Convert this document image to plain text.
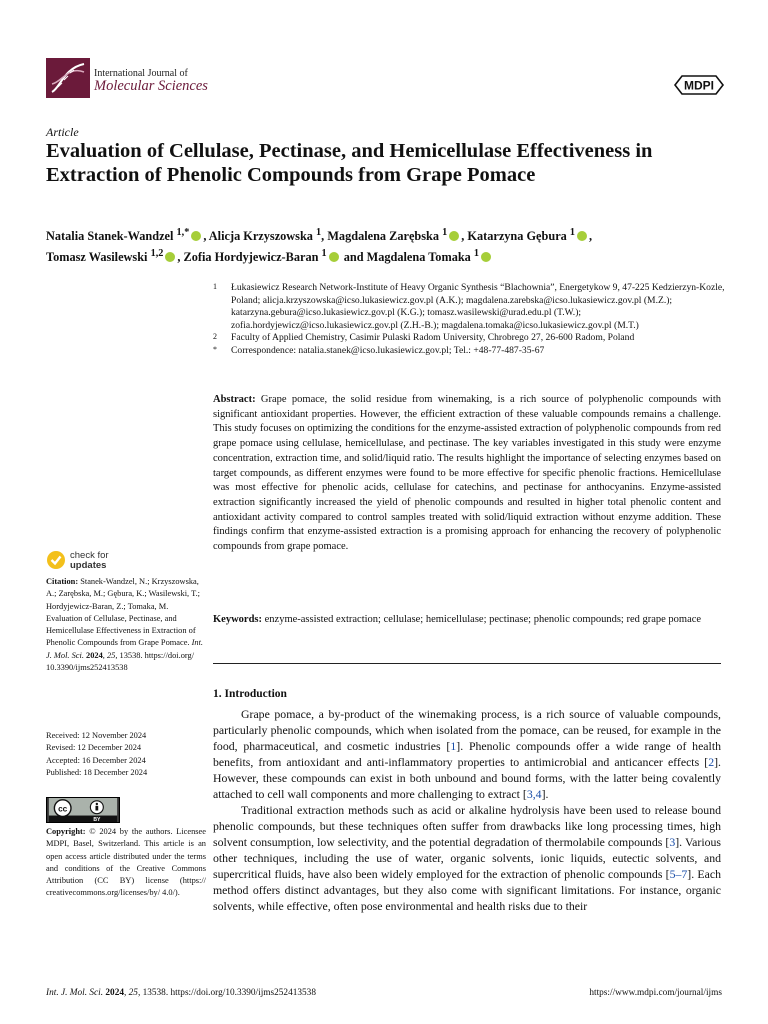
International Journal of
Molecular Sciences	MDPI
Article
Evaluation of Cellulase, Pectinase, and Hemicellulase Effectiveness in Extraction of Phenolic Compounds from Grape Pomace
Natalia Stanek-Wandzel $^{1,*}$ , Alicja Krzyszowska $^1$, Magdalena Zarębska $^1$ , Katarzyna Gębura $^1$ ,
Tomasz Wasilewski $^{1,2}$ , Zofia Hordyjewicz-Baran $^1$ and Magdalena Tomaka $^1$
1 Łukasiewicz Research Network-Institute of Heavy Organic Synthesis “Blachownia”, Energetykow 9, 47-225 Kedzierzyn-Kozle, Poland; alicja.krzyszowska@icso.lukasiewicz.gov.pl (A.K.); magdalena.zarebska@icso.lukasiewicz.gov.pl (M.Z.); katarzyna.gebura@icso.lukasiewicz.gov.pl (K.G.); tomasz.wasilewski@urad.edu.pl (T.W.); zofia.hordyjewicz@icso.lukasiewicz.gov.pl (Z.H.-B.); magdalena.tomaka@icso.lukasiewicz.gov.pl (M.T.)
2 Faculty of Applied Chemistry, Casimir Pulaski Radom University, Chrobrego 27, 26-600 Radom, Poland
* Correspondence: natalia.stanek@icso.lukasiewicz.gov.pl; Tel.: +48-77-487-35-67
Abstract: Grape pomace, the solid residue from winemaking, is a rich source of polyphenolic compounds with significant antioxidant properties. However, the efficient extraction of these valuable compounds remains a challenge. This study focuses on optimizing the conditions for the enzyme-assisted extraction of polyphenolic compounds from red grape pomace using cellulase, hemicellulase, and pectinase. The key variables investigated in this study were enzyme concentration, extraction time, and solid/liquid ratio. The results highlight the importance of selecting enzymes based on target compounds, as different enzymes were found to be more effective for specific phenolic fractions. Hemicellulase was most effective for phenolic acids, cellulase for catechins, and pectinase for anthocyanins. Enzyme-assisted extraction significantly increased the yield of phenolic compounds and resulted in higher total phenolic content and antioxidant activity compared to control samples treated with solid/liquid extraction without enzyme addition. These findings confirm that enzyme-assisted extraction is a promising approach for enhancing the recovery of polyphenolic compounds from grape pomace.
Keywords: enzyme-assisted extraction; cellulase; hemicellulase; pectinase; phenolic compounds; red grape pomace
1. Introduction

Grape pomace, a by-product of the winemaking process, is a rich source of valuable compounds, particularly phenolic compounds, which when isolated from the pomace, can be reused, for example in the food, pharmaceutical, and cosmetic industries [1]. Phenolic compounds offer a wide range of health benefits, from antioxidant and anti-inflammatory properties to antimicrobial and anticancer effects [2]. However, these compounds can exist in both unbound and bound forms, with the latter being covalently attached to cell wall components and more challenging to extract [3,4].

Traditional extraction methods such as acid or alkaline hydrolysis have been used to release bound phenolic compounds, but these techniques often suffer from drawbacks like long processing times, high solvent consumption, low selectivity, and the potential degradation of thermolabile compounds [3]. Various other techniques, including the use of water, organic solvents, ionic liquids, eutectic solvents, and supercritical fluids, have also been widely employed for the extraction of phenolic compounds [5–7]. Each method offers distinct advantages, but they also come with significant limitations. For instance, organic solvents, while effective, often pose environmental and health risks due to their

check for
updates
Citation: Stanek-Wandzel, N.; Krzyszowska, A.; Zarębska, M.; Gębura, K.; Wasilewski, T.; Hordyjewicz-Baran, Z.; Tomaka, M. Evaluation of Cellulase, Pectinase, and Hemicellulase Effectiveness in Extraction of Phenolic Compounds from Grape Pomace. Int. J. Mol. Sci. 2024, 25, 13538. https://doi.org/ 10.3390/ijms252413538
Received: 12 November 2024
Revised: 12 December 2024
Accepted: 16 December 2024
Published: 18 December 2024
cc
BY
Copyright: © 2024 by the authors. Licensee MDPI, Basel, Switzerland. This article is an open access article distributed under the terms and conditions of the Creative Commons Attribution (CC BY) license (https:// creativecommons.org/licenses/by/ 4.0/).
Int. J. Mol. Sci. 2024, 25, 13538. https://doi.org/10.3390/ijms252413538	https://www.mdpi.com/journal/ijms
